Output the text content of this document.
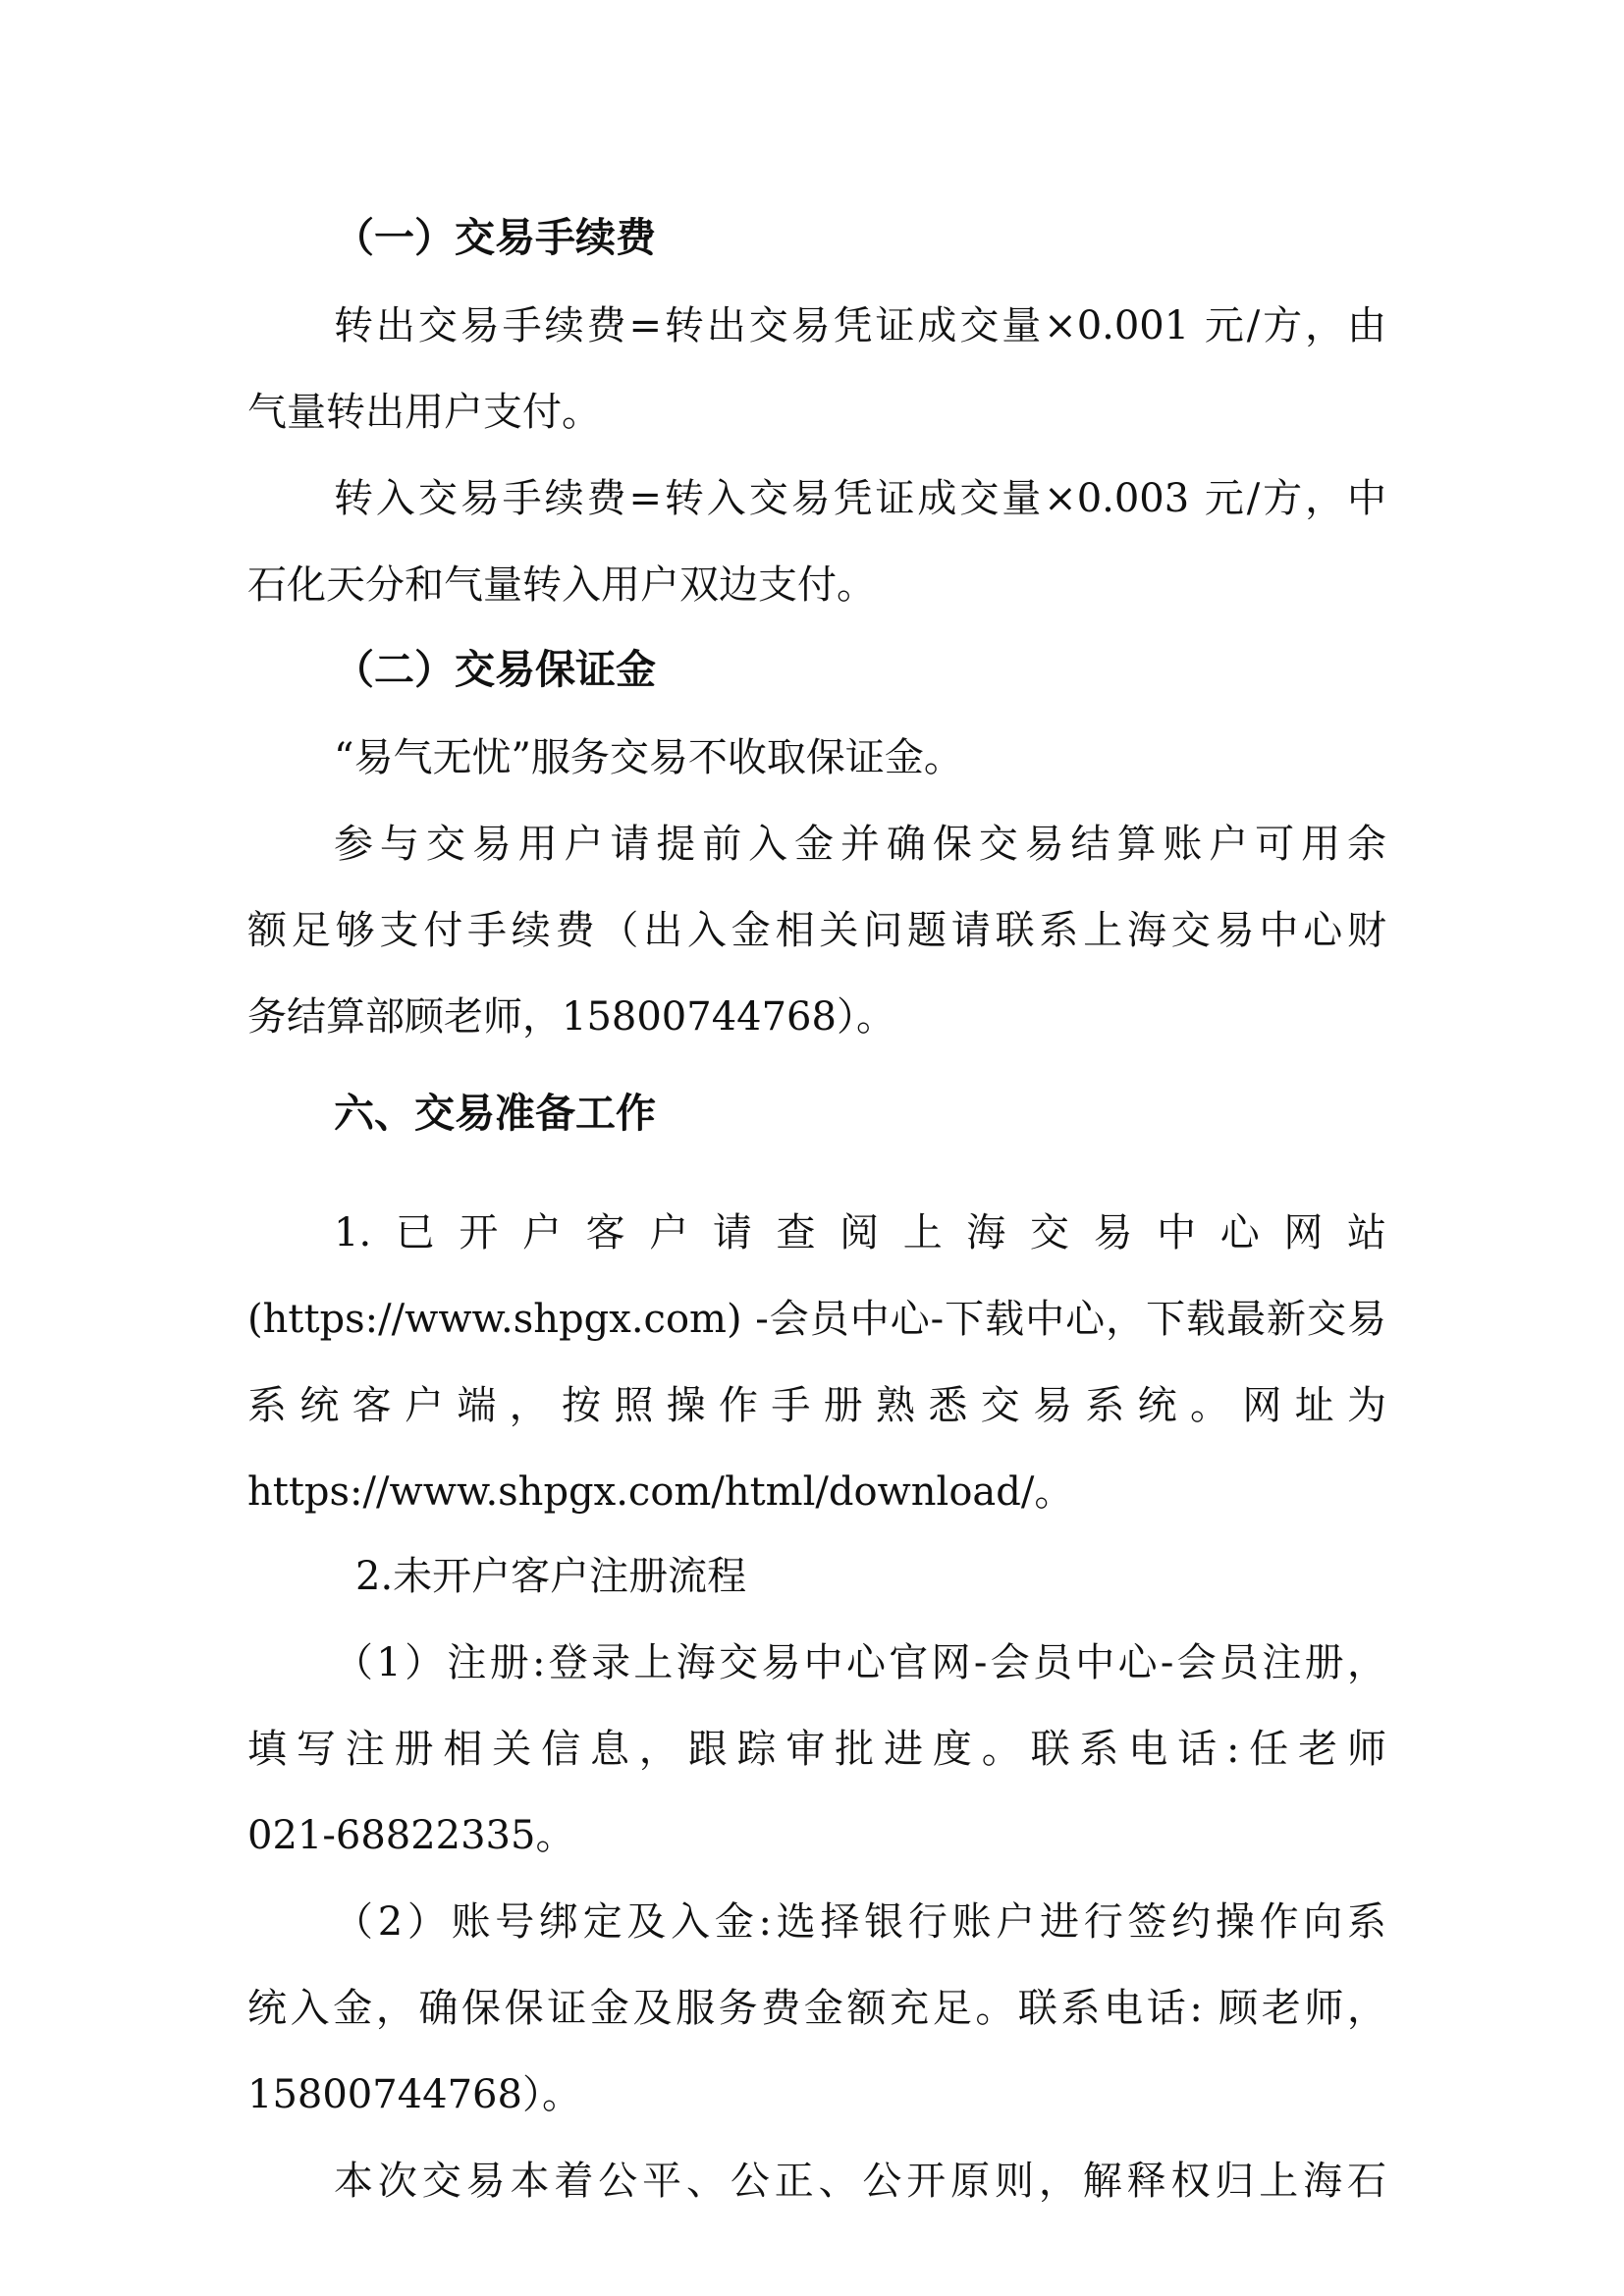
（一）交易手续费

转出交易手续费=转出交易凭证成交量×0.001 元/方，由

气量转出用户支付。

转入交易手续费=转入交易凭证成交量×0.003 元/方，中

石化天分和气量转入用户双边支付。

（二）交易保证金

“易气无忧”服务交易不收取保证金。

参与交易用户请提前入金并确保交易结算账户可用余

额足够支付手续费（出入金相关问题请联系上海交易中心财

务结算部顾老师，15800744768）。

六、交易准备工作

1.已开户客户请查阅上海交易中心网站

(https://www.shpgx.com) -会员中心-下载中心，下载最新交易

系统客户端，按照操作手册熟悉交易系统。网址为

https://www.shpgx.com/html/download/。

2.未开户客户注册流程

（1）注册:登录上海交易中心官网-会员中心-会员注册，

填写注册相关信息，跟踪审批进度。联系电话:任老师

021-68822335。

（2）账号绑定及入金:选择银行账户进行签约操作向系

统入金，确保保证金及服务费金额充足。联系电话: 顾老师，

15800744768）。

本次交易本着公平、公正、公开原则，解释权归上海石
